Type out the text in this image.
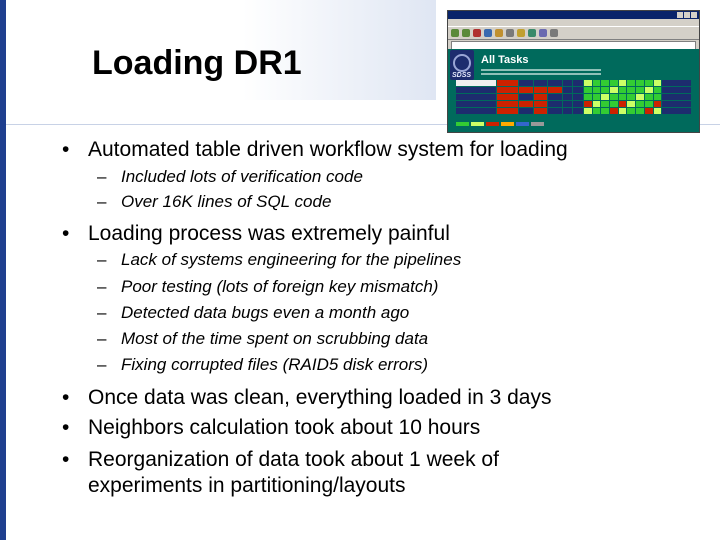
Loading DR1	SDSS
All Tasks
• Automated table driven workflow system for loading
– Included lots of verification code
– Over 16K lines of SQL code
• Loading process was extremely painful
– Lack of systems engineering for the pipelines
– Poor testing (lots of foreign key mismatch)
– Detected data bugs even a month ago
– Most of the time spent on scrubbing data
– Fixing corrupted files (RAID5 disk errors)
• Once data was clean, everything loaded in 3 days
• Neighbors calculation took about 10 hours
• Reorganization of data took about 1 week of
experiments in partitioning/layouts
